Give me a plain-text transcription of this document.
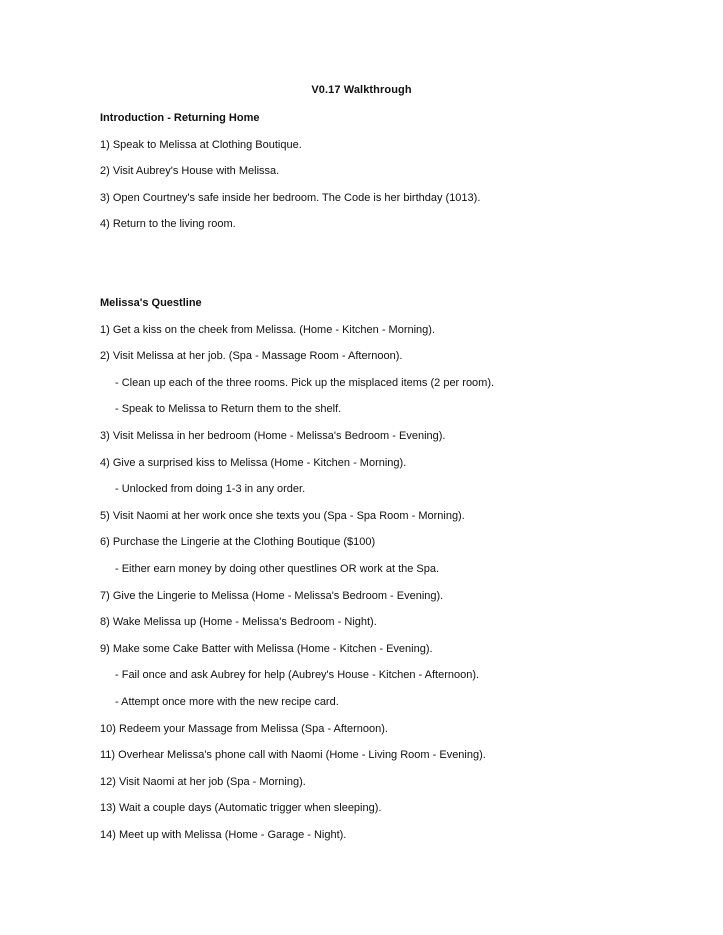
V0.17 Walkthrough
Introduction - Returning Home
1) Speak to Melissa at Clothing Boutique.
2) Visit Aubrey's House with Melissa.
3) Open Courtney's safe inside her bedroom. The Code is her birthday (1013).
4) Return to the living room.
Melissa's Questline
1) Get a kiss on the cheek from Melissa. (Home - Kitchen - Morning).
2) Visit Melissa at her job. (Spa - Massage Room - Afternoon).
- Clean up each of the three rooms. Pick up the misplaced items (2 per room).
- Speak to Melissa to Return them to the shelf.
3) Visit Melissa in her bedroom (Home - Melissa's Bedroom - Evening).
4) Give a surprised kiss to Melissa (Home - Kitchen - Morning).
- Unlocked from doing 1-3 in any order.
5) Visit Naomi at her work once she texts you (Spa - Spa Room - Morning).
6) Purchase the Lingerie at the Clothing Boutique ($100)
- Either earn money by doing other questlines OR work at the Spa.
7) Give the Lingerie to Melissa (Home - Melissa's Bedroom - Evening).
8) Wake Melissa up (Home - Melissa's Bedroom - Night).
9) Make some Cake Batter with Melissa (Home - Kitchen - Evening).
- Fail once and ask Aubrey for help (Aubrey's House - Kitchen - Afternoon).
- Attempt once more with the new recipe card.
10) Redeem your Massage from Melissa (Spa - Afternoon).
11) Overhear Melissa's phone call with Naomi (Home - Living Room - Evening).
12) Visit Naomi at her job (Spa - Morning).
13) Wait a couple days (Automatic trigger when sleeping).
14) Meet up with Melissa (Home - Garage - Night).
